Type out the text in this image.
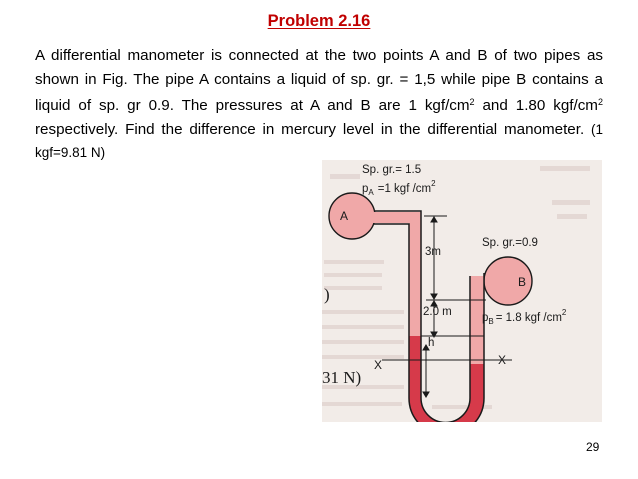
Problem 2.16
A differential manometer is connected at the two points A and B of two pipes as shown in Fig. The pipe A contains a liquid of sp. gr. = 1,5 while pipe B contains a liquid of sp. gr 0.9. The pressures at A and B are 1 kgf/$cm^2$ and 1.80 kgf/$cm^2$ respectively. Find the difference in mercury level in the differential manometer. (1 kgf=9.81 N)
)
31 N)
A
B
Sp. gr.= 1.5
$p_A =1$ kgf $/cm^2$
Sp. gr.=0.9
3m
2.0 m	$p_B = 1.8$ kgf $/cm^2$
h
X	X
29
